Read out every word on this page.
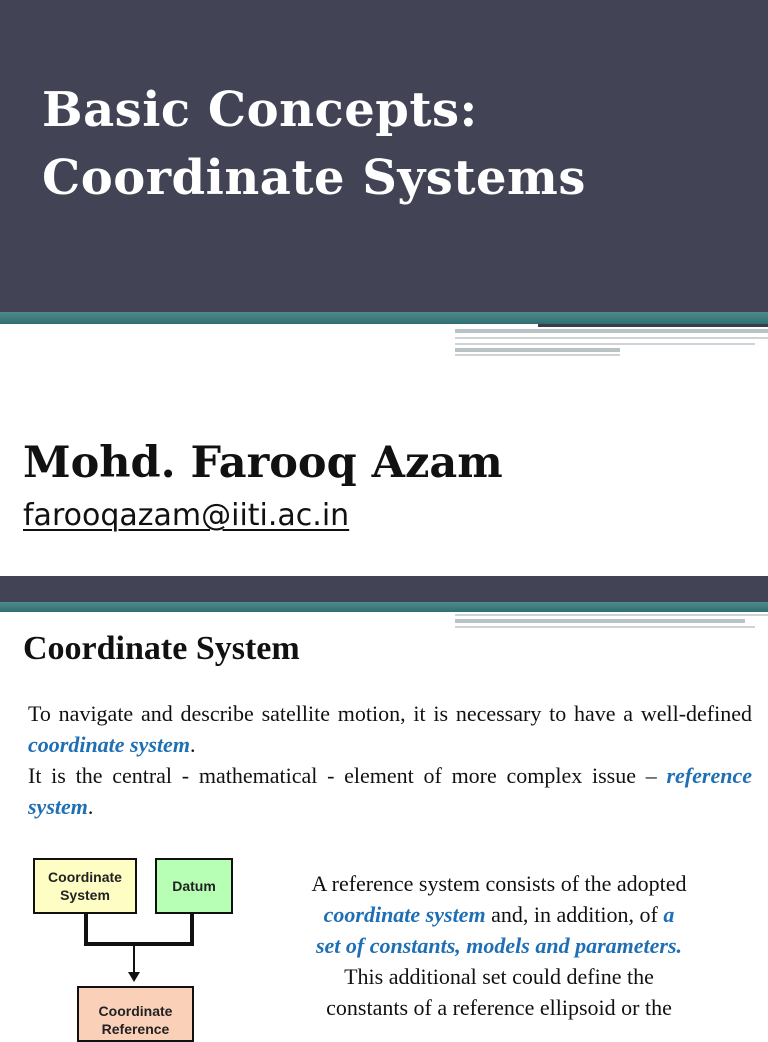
Basic Concepts:
Coordinate Systems
Mohd. Farooq Azam
farooqazam@iiti.ac.in
Coordinate System

To navigate and describe satellite motion, it is necessary to have a well-defined coordinate system.

It is the central - mathematical - element of more complex issue – reference system.

Coordinate System
Datum
Coordinate Reference

A reference system consists of the adopted
coordinate system and, in addition, of a
set of constants, models and parameters.
This additional set could define the
constants of a reference ellipsoid or the
